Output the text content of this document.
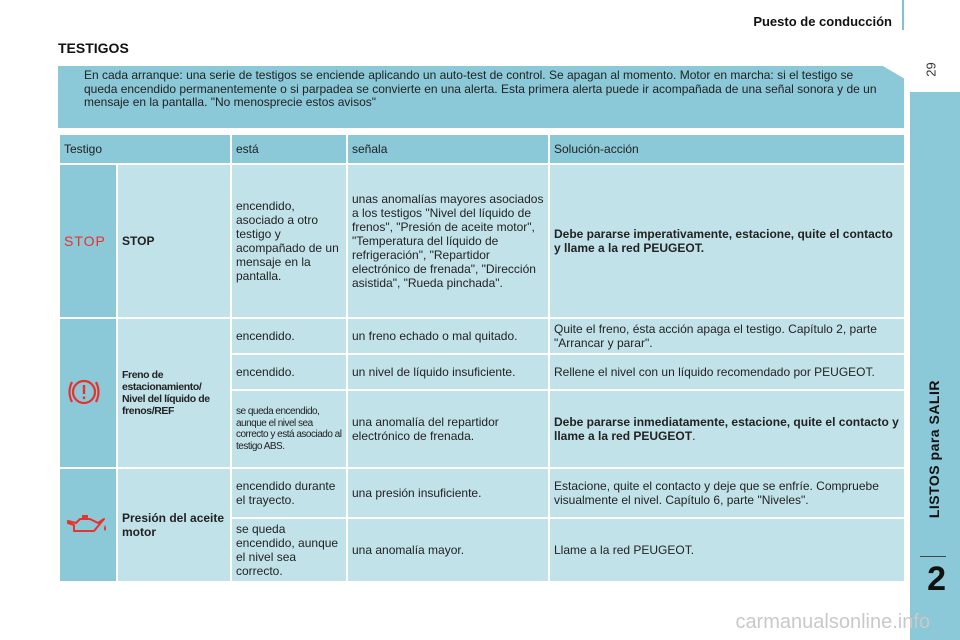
Puesto de conducción
29
LISTOS para SALIR
2
TESTIGOS
En cada arranque: una serie de testigos se enciende aplicando un auto-test de control. Se apagan al momento. Motor en marcha: si el testigo se queda encendido permanentemente o si parpadea se convierte en una alerta. Esta primera alerta puede ir acompañada de una señal sonora y de un mensaje en la pantalla. "No menosprecie estos avisos"
Testigo		está	señala	Solución-acción
STOP	STOP	encendido, asociado a otro testigo y acompañado de un mensaje en la pantalla.	unas anomalías mayores asociados a los testigos "Nivel del líquido de frenos", "Presión de aceite motor", "Temperatura del líquido de refrigeración", "Repartidor electrónico de frenada", "Dirección asistida", "Rueda pinchada".	Debe pararse imperativamente, estacione, quite el contacto y llame a la red PEUGEOT.

Freno de estacionamiento/ Nivel del líquido de frenos/REF	encendido.	un freno echado o mal quitado.	Quite el freno, ésta acción apaga el testigo. Capítulo 2, parte "Arrancar y parar".
		encendido.	un nivel de líquido insuficiente.	Rellene el nivel con un líquido recomendado por PEUGEOT.

		se queda encendido, aunque el nivel sea correcto y está asociado al testigo ABS.	una anomalía del repartidor electrónico de frenada.	Debe pararse inmediatamente, estacione, quite el contacto y llame a la red PEUGEOT.
	Presión del aceite motor	encendido durante el trayecto.	una presión insuficiente.	Estacione, quite el contacto y deje que se enfríe. Compruebe visualmente el nivel. Capítulo 6, parte "Niveles".
		se queda encendido, aunque el nivel sea correcto.	una anomalía mayor.	Llame a la red PEUGEOT.
carmanualsonline.info
